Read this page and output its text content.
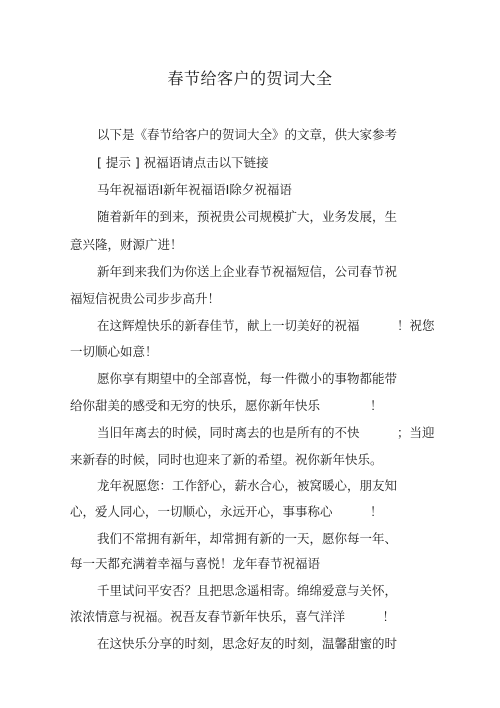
春节给客户的贺词大全
以下是《春节给客户的贺词大全》的文章，供大家参考
[ 提示 ] 祝福语请点击以下链接
马年祝福语I新年祝福语I除夕祝福语
随着新年的到来，预祝贵公司规模扩大，业务发展，生
意兴隆，财源广进！
新年到来我们为你送上企业春节祝福短信，公司春节祝
福短信祝贵公司步步高升！
在这辉煌快乐的新春佳节，献上一切美好的祝福　　　！祝您
一切顺心如意！
愿你享有期望中的全部喜悦，每一件微小的事物都能带
给你甜美的感受和无穷的快乐，愿你新年快乐　　　　！
当旧年离去的时候，同时离去的也是所有的不快　　　；当迎
来新春的时候，同时也迎来了新的希望。祝你新年快乐。
龙年祝愿您：工作舒心，薪水合心，被窝暖心，朋友知
心，爱人同心，一切顺心，永远开心，事事称心　　　！
我们不常拥有新年，却常拥有新的一天，愿你每一年、
每一天都充满着幸福与喜悦！龙年春节祝福语
千里试问平安否？且把思念遥相寄。绵绵爱意与关怀，
浓浓情意与祝福。祝吾友春节新年快乐，喜气洋洋　　　！
在这快乐分享的时刻，思念好友的时刻，温馨甜蜜的时
